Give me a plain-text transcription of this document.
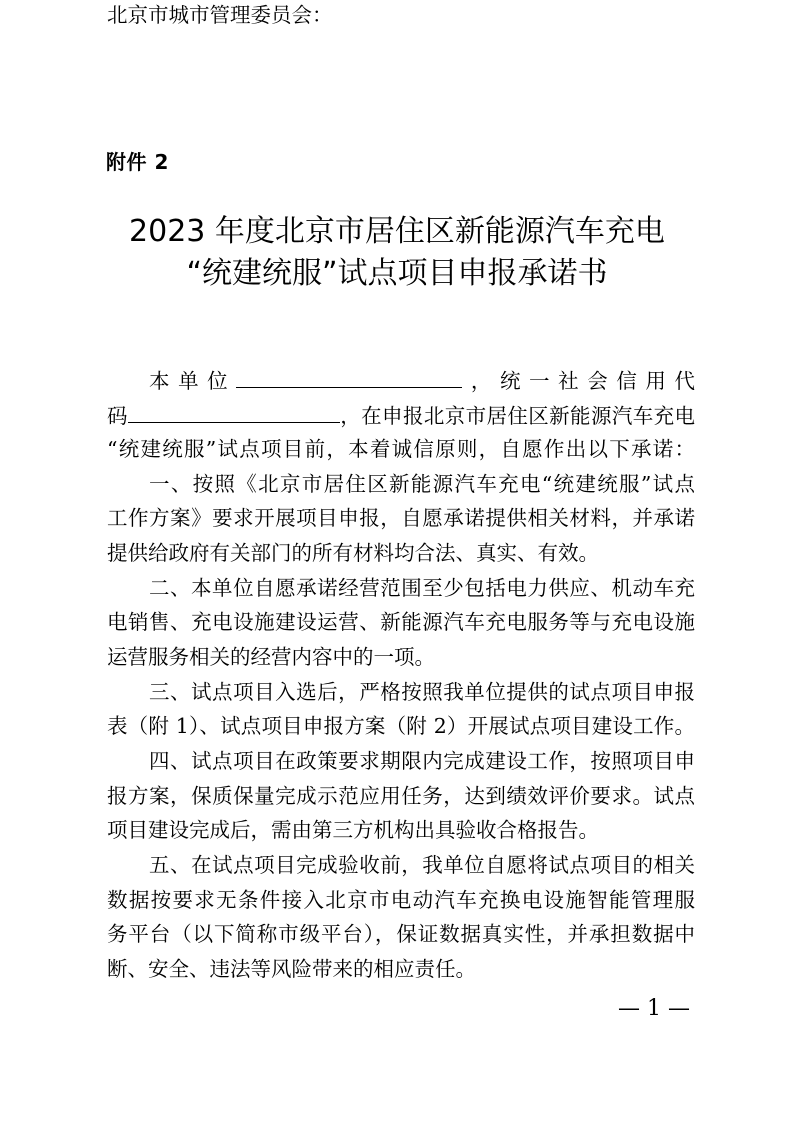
附件 2
2023 年度北京市居住区新能源汽车充电
“统建统服”试点项目申报承诺书
北京市城市管理委员会：
本单位	，统一社会信用代
码	，在申报北京市居住区新能源汽车充电
“统建统服”试点项目前，本着诚信原则，自愿作出以下承诺：
一、按照《北京市居住区新能源汽车充电“统建统服”试点
工作方案》要求开展项目申报，自愿承诺提供相关材料，并承诺
提供给政府有关部门的所有材料均合法、真实、有效。
二、本单位自愿承诺经营范围至少包括电力供应、机动车充
电销售、充电设施建设运营、新能源汽车充电服务等与充电设施
运营服务相关的经营内容中的一项。
三、试点项目入选后，严格按照我单位提供的试点项目申报
表（附 1）、试点项目申报方案（附 2）开展试点项目建设工作。
四、试点项目在政策要求期限内完成建设工作，按照项目申
报方案，保质保量完成示范应用任务，达到绩效评价要求。试点
项目建设完成后，需由第三方机构出具验收合格报告。
五、在试点项目完成验收前，我单位自愿将试点项目的相关
数据按要求无条件接入北京市电动汽车充换电设施智能管理服
务平台（以下简称市级平台），保证数据真实性，并承担数据中
断、安全、违法等风险带来的相应责任。
— 1 —
